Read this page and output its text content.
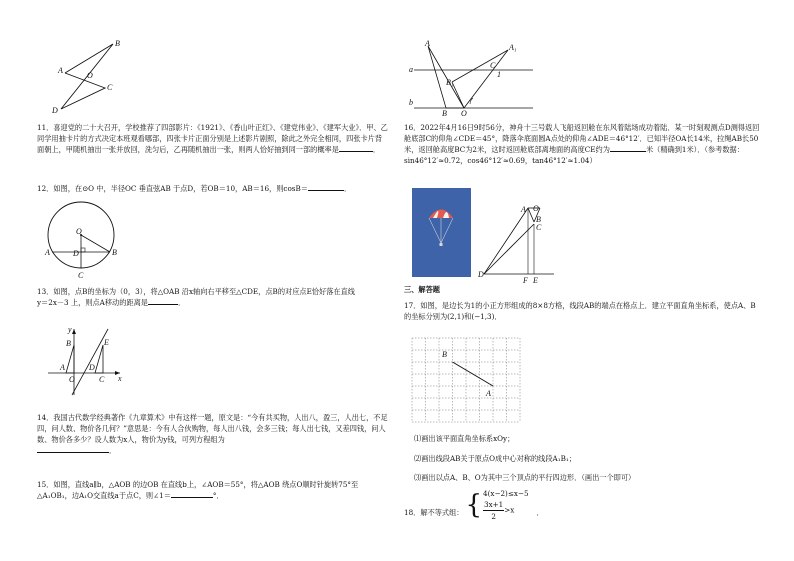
A
B
O
C
D

11．喜迎党的二十大召开，学校推荐了四部影片：《1921》、《香山叶正红》、《建党伟业》、《建军大业》．甲、乙同学用抽卡片的方式决定本班观看哪部，四张卡片正面分别是上述影片剧照，除此之外完全相同，四张卡片背面朝上，甲随机抽出一张并放回，洗匀后，乙再随机抽出一张，则两人恰好抽到同一部的概率是	．

12．如图，在⊙O 中，半径OC 垂直弦AB 于点D，若OB＝10，AB＝16，则cosB＝	．

O
A	D	B
C

13．如图，点B的坐标为（0，3），将△OAB 沿x轴向右平移至△CDE，点B的对应点E恰好落在直线
y＝2x－3 上，则点A移动的距离是	．

y
B	E
A
O
D
C x

14．我国古代数学经典著作《九章算术》中有这样一题，原文是：“今有共买物，人出八，盈三，人出七，不足四，问人数、物价各几何？”意思是：今有人合伙购物，每人出八钱，会多三钱；每人出七钱，又差四钱，问人数、物价各多少？设人数为x人，物价为y钱，可列方程组为
．

15．如图，直线a∥b，△AOB 的边OB 在直线b上，∠AOB＝55°，将△AOB 绕点O顺时针旋转75°至
△A₁OB₁，边A₁O交直线a于点C，则∠1＝	°．

A	A₁
a
B₁
C
1
b
B O

16．2022年4月16日9时56分，神舟十三号载人飞船返回舱在东风着陆场成功着陆．某一时刻观测点D测得返回舱底部C的仰角∠CDE＝45°，降落伞底面圆A点处的仰角∠ADE＝46°12′．已知半径OA长14米，拉绳AB长50米，返回舱高度BC为2米，这时返回舱底部离地面的高度CE约为	米（精确到1米）．（参考数据：sin46°12′≈0.72，cos46°12′≈0.69，tan46°12′≈1.04）

A O
B
C
D
F E

三、解答题

17．如图，是边长为1的小正方形组成的8×8方格，线段AB的端点在格点上．建立平面直角坐标系，使点A、B的坐标分别为(2,1)和(−1,3)．

B
A

⑴画出该平面直角坐标系xOy；

⑵画出线段AB关于原点O成中心对称的线段A₁B₁；

⑶画出以点A、B、O为其中三个顶点的平行四边形．（画出一个即可）

18．解不等式组： { 4(x−2)≤x−5
$\frac{3x+1}{2} >x$	．
